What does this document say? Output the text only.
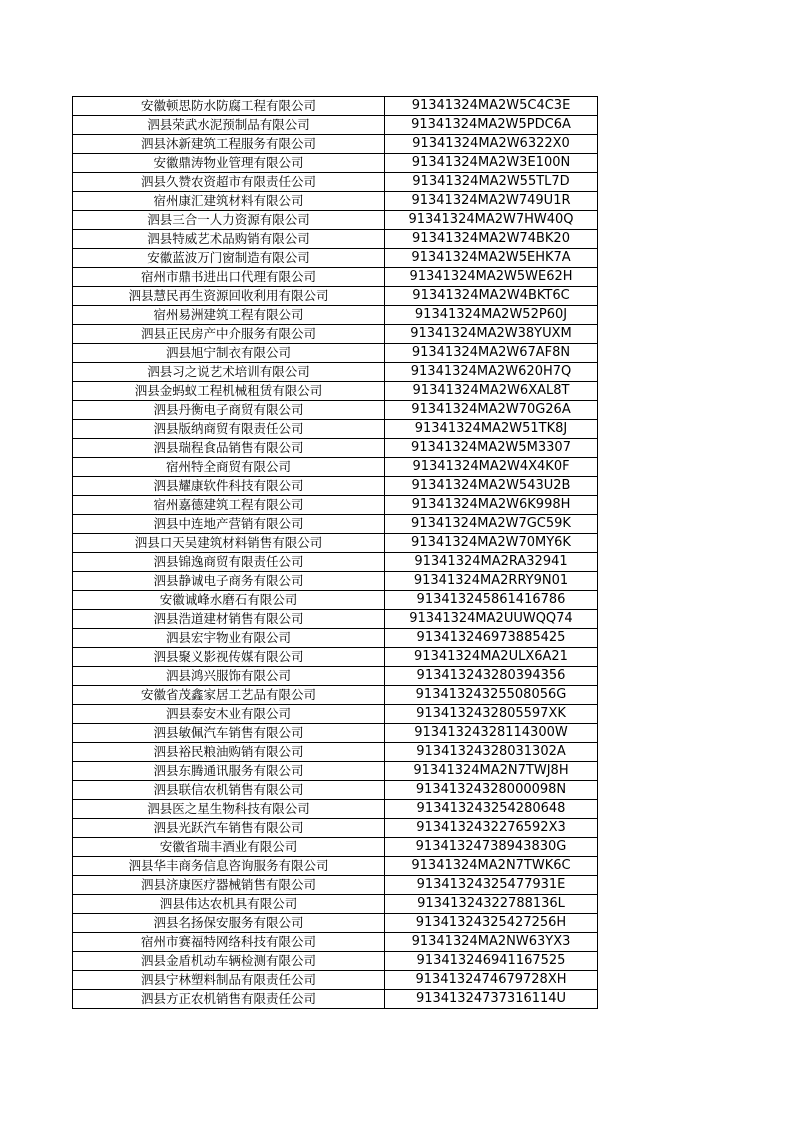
安徽顿思防水防腐工程有限公司	91341324MA2W5C4C3E
泗县荣武水泥预制品有限公司	91341324MA2W5PDC6A
泗县沐新建筑工程服务有限公司	91341324MA2W6322X0
安徽鼎涛物业管理有限公司	91341324MA2W3E100N
泗县久赞农资超市有限责任公司	91341324MA2W55TL7D
宿州康汇建筑材料有限公司	91341324MA2W749U1R
泗县三合一人力资源有限公司	91341324MA2W7HW40Q
泗县特威艺术品购销有限公司	91341324MA2W74BK20
安徽蓝波万门窗制造有限公司	91341324MA2W5EHK7A
宿州市鼎书进出口代理有限公司	91341324MA2W5WE62H
泗县慧民再生资源回收利用有限公司	91341324MA2W4BKT6C
宿州易洲建筑工程有限公司	91341324MA2W52P60J
泗县正民房产中介服务有限公司	91341324MA2W38YUXM
泗县旭宁制衣有限公司	91341324MA2W67AF8N
泗县习之说艺术培训有限公司	91341324MA2W620H7Q
泗县金蚂蚁工程机械租赁有限公司	91341324MA2W6XAL8T
泗县丹衡电子商贸有限公司	91341324MA2W70G26A
泗县版纳商贸有限责任公司	91341324MA2W51TK8J
泗县瑞程食品销售有限公司	91341324MA2W5M3307
宿州特全商贸有限公司	91341324MA2W4X4K0F
泗县耀康软件科技有限公司	91341324MA2W543U2B
宿州嘉德建筑工程有限公司	91341324MA2W6K998H
泗县中连地产营销有限公司	91341324MA2W7GC59K
泗县口天吴建筑材料销售有限公司	91341324MA2W70MY6K
泗县锦逸商贸有限责任公司	91341324MA2RA32941
泗县静诚电子商务有限公司	91341324MA2RRY9N01
安徽诚峰水磨石有限公司	913413245861416786
泗县浩道建材销售有限公司	91341324MA2UUWQQ74
泗县宏宇物业有限公司	913413246973885425
泗县聚义影视传媒有限公司	91341324MA2ULX6A21
泗县鸿兴服饰有限公司	913413243280394356
安徽省茂鑫家居工艺品有限公司	91341324325508056G
泗县泰安木业有限公司	9134132432805597XK
泗县敏佩汽车销售有限公司	91341324328114300W
泗县裕民粮油购销有限公司	91341324328031302A
泗县东腾通讯服务有限公司	91341324MA2N7TWJ8H
泗县联信农机销售有限公司	91341324328000098N
泗县医之星生物科技有限公司	913413243254280648
泗县光跃汽车销售有限公司	9134132432276592X3
安徽省瑞丰酒业有限公司	91341324738943830G
泗县华丰商务信息咨询服务有限公司	91341324MA2N7TWK6C
泗县济康医疗器械销售有限公司	91341324325477931E
泗县伟达农机具有限公司	91341324322788136L
泗县名扬保安服务有限公司	91341324325427256H
宿州市赛福特网络科技有限公司	91341324MA2NW63YX3
泗县金盾机动车辆检测有限公司	913413246941167525
泗县宁林塑料制品有限责任公司	9134132474679728XH
泗县方正农机销售有限责任公司	91341324737316114U
